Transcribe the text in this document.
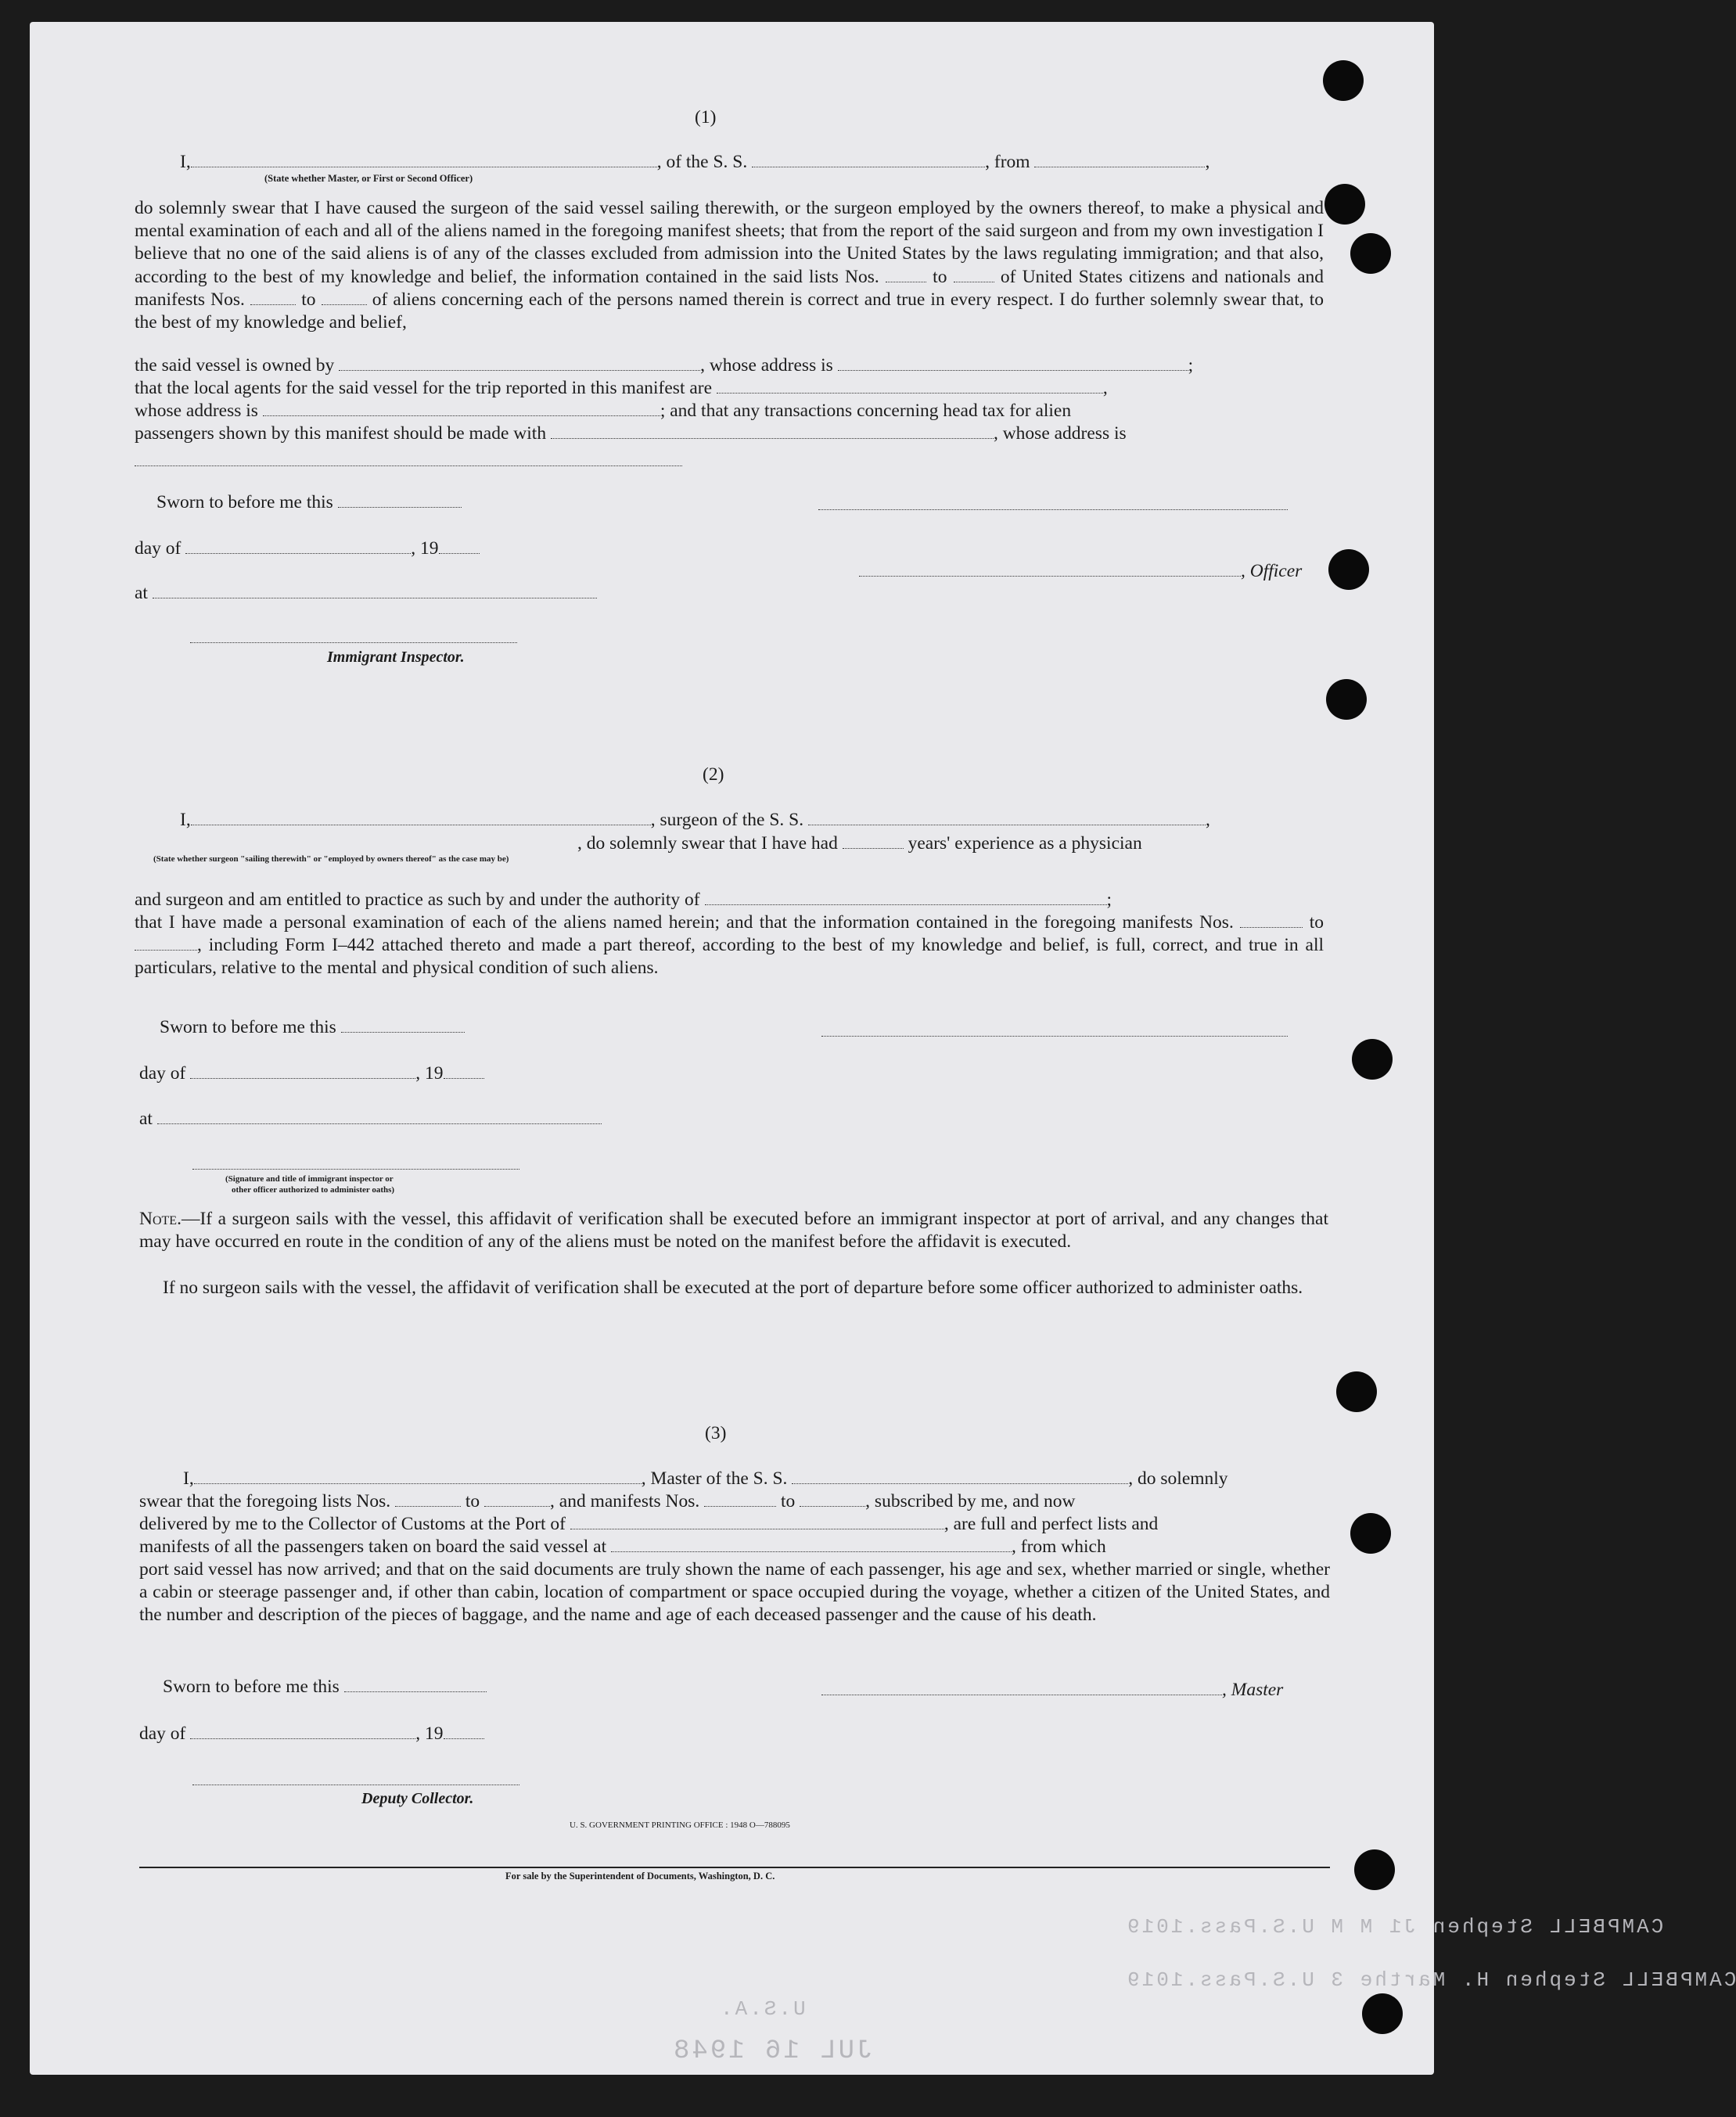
CAMPBELL Stephen J1 M M U.S.Pass.1019
CAMPBELL Stephen H. Marthe 3 U.S.Pass.1019
U.S.A.
JUL 16 1948
(1)
I,	, of the S. S.	, from	,
(State whether Master, or First or Second Officer)
do solemnly swear that I have caused the surgeon of the said vessel sailing therewith, or the surgeon employed by the owners thereof, to make a physical and mental examination of each and all of the aliens named in the foregoing manifest sheets; that from the report of the said surgeon and from my own investigation I believe that no one of the said aliens is of any of the classes excluded from admission into the United States by the laws regulating immigration; and that also, according to the best of my knowledge and belief, the information contained in the said lists Nos.	to	of United States citizens and nationals and manifests Nos.	to	of aliens concerning each of the persons named therein is correct and true in every respect. I do further solemnly swear that, to the best of my knowledge and belief,
the said vessel is owned by	, whose address is	;
that the local agents for the said vessel for the trip reported in this manifest are	,
whose address is	; and that any transactions concerning head tax for alien
passengers shown by this manifest should be made with	, whose address is
Sworn to before me this
day of	, 19
, Officer
at
Immigrant Inspector.
(2)
I,	, surgeon of the S. S.	,
, do solemnly swear that I have had	years' experience as a physician
(State whether surgeon "sailing therewith" or "employed by owners thereof" as the case may be)
and surgeon and am entitled to practice as such by and under the authority of	;
that I have made a personal examination of each of the aliens named herein; and that the information contained in the foregoing manifests Nos.	to , including Form I–442 attached thereto and made a part thereof, according to the best of my knowledge and belief, is full, correct, and true in all particulars, relative to the mental and physical condition of such aliens.
Sworn to before me this
day of	, 19
at
(Signature and title of immigrant inspector or
other officer authorized to administer oaths)
Note.—If a surgeon sails with the vessel, this affidavit of verification shall be executed before an immigrant inspector at port of arrival, and any changes that may have occurred en route in the condition of any of the aliens must be noted on the manifest before the affidavit is executed.
If no surgeon sails with the vessel, the affidavit of verification shall be executed at the port of departure before some officer authorized to administer oaths.
(3)
I,	, Master of the S. S.	, do solemnly
swear that the foregoing lists Nos.	to	, and manifests Nos.	to	, subscribed by me, and now
delivered by me to the Collector of Customs at the Port of	, are full and perfect lists and
manifests of all the passengers taken on board the said vessel at	, from which
port said vessel has now arrived; and that on the said documents are truly shown the name of each passenger, his age and sex, whether married or single, whether a cabin or steerage passenger and, if other than cabin, location of compartment or space occupied during the voyage, whether a citizen of the United States, and the number and description of the pieces of baggage, and the name and age of each deceased passenger and the cause of his death.
Sworn to before me this	, Master
day of	, 19
Deputy Collector.
U. S. GOVERNMENT PRINTING OFFICE : 1948 O—788095
For sale by the Superintendent of Documents, Washington, D. C.
